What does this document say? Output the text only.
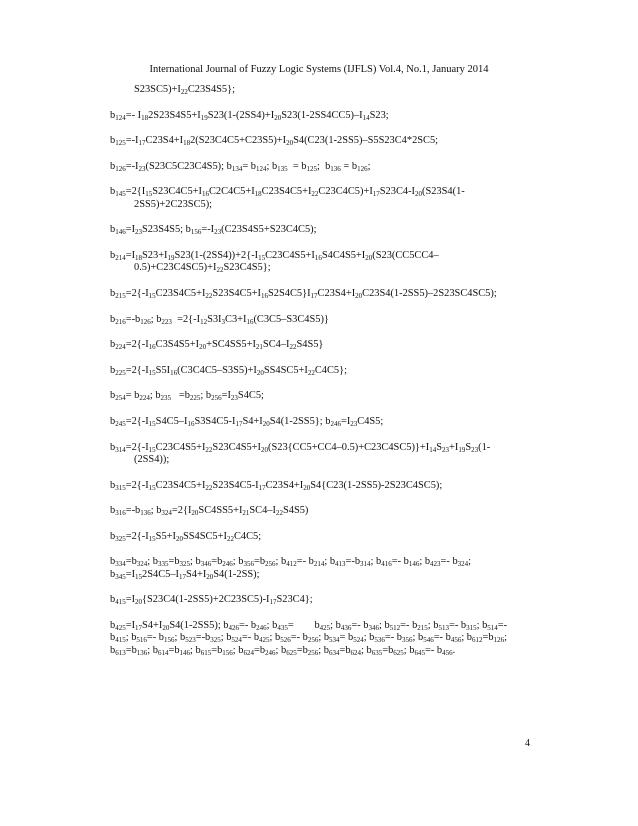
International Journal of Fuzzy Logic Systems (IJFLS) Vol.4, No.1, January 2014
$S23SC5)+I_{22}C23S4S5$};
$b_{124}=-$ $I_{18}2S23S4S5+I_{19}S23(1-(2SS4)+I_{20}S23(1-2SS4CC5)-I_{14}S23$;
$b_{125}=-I_{17}C23S4+I_{18}2(S23C4C5+C23S5)+I_{20}S4(C23(1-2SS5)-S5S23C4*2SC5$;
$b_{126}=-I_{23}(S23C5C23C4S5)$; $b_{134}= b_{124}$; $b_{135} = b_{125}$;  $b_{136} = b_{126}$;
$b_{145}=2\{I_{15}S23C4C5+I_{16}C2C4C5+I_{18}C23S4C5+I_{22}C23C4C5)+I_{17}S23C4-I_{20}(S23S4(1-$
2SS5)+2C23SC5);
$b_{146}=I_{23}S23S4S5$; $b_{156}=-I_{23}(C23S4S5+S23C4C5)$;
$b_{214}=I_{18}S23+I_{19}S23(1-(2SS4))+2\{-I_{15}C23C4S5+I_{16}S4C4S5+I_{20}(S23(CC5CC4-$
$0.5)+C23C4SC5)+I_{22}S23C4S5$};
$b_{215}=2\{-I_{15}C23S4C5+I_{22}S23S4C5+I_{16}S2S4C5\}I_{17}C23S4+I_{20}C23S4(1-2SS5)-2S23SC4SC5$);
$b_{216}=-b_{126}$; $b_{223} =2\{-I_{12}S3I_3C3+I_{16}(C3C5-S3C4S5)\}$
$b_{224}=2\{-I_{16}C3S4S5+I_{20}+SC4SS5+I_{21}SC4-I_{22}S4S5\}$
$b_{225}=2\{-I_{15}S5I_{16}(C3C4C5-S3S5)+I_{20}SS4SC5+I_{22}C4C5\}$;
$b_{254}= b_{224}$; $b_{235} =b_{225}$; $b_{256}=I_{23}S4C5$;
$b_{245}=2\{-I_{15}S4C5-I_{16}S3S4C5-I_{17}S4+I_{20}S4(1-2SS5\}$; $b_{246}=I_{23}C4S5$;
$b_{314}=2\{-I_{15}C23C4S5+I_{22}S23C4S5+I_{20}(S23\{CC5+CC4-0.5)+C23C4SC5)\}+I_{14}S_{23}+I_{19}S_{23}(1-$
(2SS4));
$b_{315}=2\{-I_{15}C23S4C5+I_{22}S23S4C5-I_{17}C23S4+I_{20}S4\{C23(1-2SS5)-2S23C4SC5)$;
$b_{316}=-b_{136}$; $b_{324}=2\{I_{20}SC4SS5+I_{21}SC4-I_{22}S4S5)$
$b_{325}=2\{-I_{15}S5+I_{20}SS4SC5+I_{22}C4C5$;
$b_{334}=b_{324}$; $b_{335}=b_{325}$; $b_{346}=b_{246}$; $b_{356}=b_{256}$; $b_{412}=-$ $b_{214}$; $b_{413}=-b_{314}$; $b_{416}=-$ $b_{146}$; $b_{423}=-$ $b_{324}$;
$b_{345}=I_{15}2S4C5-I_{17}S4+I_{20}S4(1-2SS)$;
$b_{415}=I_{20}\{S23C4(1-2SS5)+2C23SC5)-I_{17}S23C4$};
$b_{425}=I_{17}S4+I_{20}S4(1-2SS5)$; $b_{426}=-$ $b_{246}$; $b_{435}=$        $b_{425}$; $b_{436}=-$ $b_{346}$; $b_{512}=-$ $b_{215}$; $b_{513}=-$ $b_{315}$; $b_{514}=-$
$b_{415}$; $b_{516}=-$ $b_{156}$; $b_{523}=-b_{325}$; $b_{524}=-$ $b_{425}$; $b_{526}=-$ $b_{256}$; $b_{534}= b_{524}$; $b_{536}=-$ $b_{356}$; $b_{546}=-$ $b_{456}$; $b_{612}=b_{126}$;
$b_{613}=b_{136}$; $b_{614}=b_{146}$; $b_{615}=b_{156}$; $b_{624}=b_{246}$; $b_{625}=b_{256}$; $b_{634}=b_{624}$; $b_{635}=b_{625}$; $b_{645}=-$ $b_{456}$.
4
